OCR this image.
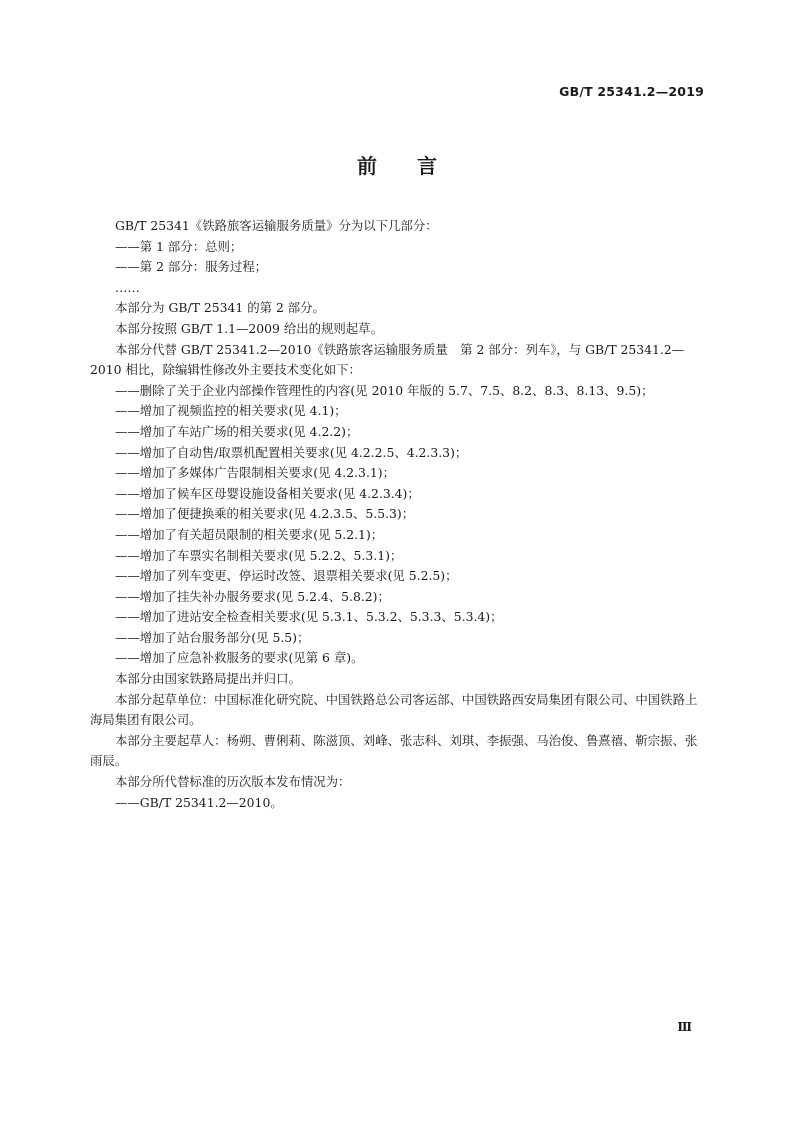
GB/T 25341.2—2019
前言

GB/T 25341《铁路旅客运输服务质量》分为以下几部分：

——第 1 部分：总则；

——第 2 部分：服务过程；

……

本部分为 GB/T 25341 的第 2 部分。

本部分按照 GB/T 1.1—2009 给出的规则起草。

本部分代替 GB/T 25341.2—2010《铁路旅客运输服务质量　第 2 部分：列车》，与 GB/T 25341.2—2010 相比，除编辑性修改外主要技术变化如下：

——删除了关于企业内部操作管理性的内容(见 2010 年版的 5.7、7.5、8.2、8.3、8.13、9.5)；

——增加了视频监控的相关要求(见 4.1)；

——增加了车站广场的相关要求(见 4.2.2)；

——增加了自动售/取票机配置相关要求(见 4.2.2.5、4.2.3.3)；

——增加了多媒体广告限制相关要求(见 4.2.3.1)；

——增加了候车区母婴设施设备相关要求(见 4.2.3.4)；

——增加了便捷换乘的相关要求(见 4.2.3.5、5.5.3)；

——增加了有关超员限制的相关要求(见 5.2.1)；

——增加了车票实名制相关要求(见 5.2.2、5.3.1)；

——增加了列车变更、停运时改签、退票相关要求(见 5.2.5)；

——增加了挂失补办服务要求(见 5.2.4、5.8.2)；

——增加了进站安全检查相关要求(见 5.3.1、5.3.2、5.3.3、5.3.4)；

——增加了站台服务部分(见 5.5)；

——增加了应急补救服务的要求(见第 6 章)。

本部分由国家铁路局提出并归口。

本部分起草单位：中国标准化研究院、中国铁路总公司客运部、中国铁路西安局集团有限公司、中国铁路上海局集团有限公司。

本部分主要起草人：杨朔、曹俐莉、陈滋顶、刘峰、张志科、刘琪、李振强、马治俊、鲁熹禧、靳宗振、张雨辰。

本部分所代替标准的历次版本发布情况为：

——GB/T 25341.2—2010。

Ⅲ
